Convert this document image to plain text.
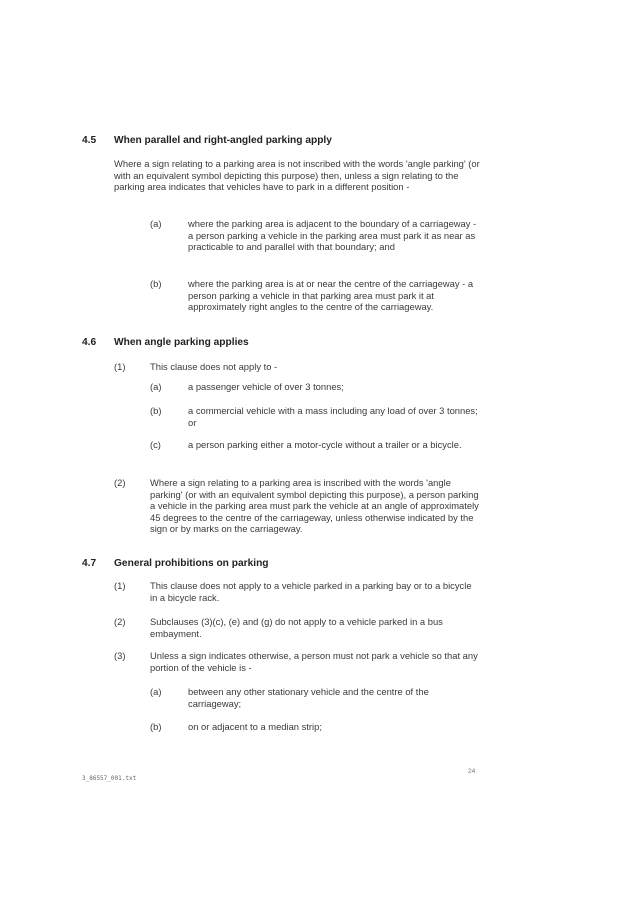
4.5 When parallel and right-angled parking apply
Where a sign relating to a parking area is not inscribed with the words 'angle parking' (or with an equivalent symbol depicting this purpose) then, unless a sign relating to the parking area indicates that vehicles have to park in a different position -
(a)	where the parking area is adjacent to the boundary of a carriageway - a person parking a vehicle in the parking area must park it as near as practicable to and parallel with that boundary; and
(b)	where the parking area is at or near the centre of the carriageway - a person parking a vehicle in that parking area must park it at approximately right angles to the centre of the carriageway.
4.6 When angle parking applies
(1)	This clause does not apply to -
(a)	a passenger vehicle of over 3 tonnes;
(b)	a commercial vehicle with a mass including any load of over 3 tonnes; or
(c)	a person parking either a motor-cycle without a trailer or a bicycle.
(2)	Where a sign relating to a parking area is inscribed with the words 'angle parking' (or with an equivalent symbol depicting this purpose), a person parking a vehicle in the parking area must park the vehicle at an angle of approximately 45 degrees to the centre of the carriageway, unless otherwise indicated by the sign or by marks on the carriageway.
4.7 General prohibitions on parking
(1)	This clause does not apply to a vehicle parked in a parking bay or to a bicycle in a bicycle rack.
(2)	Subclauses (3)(c), (e) and (g) do not apply to a vehicle parked in a bus embayment.
(3)	Unless a sign indicates otherwise, a person must not park a vehicle so that any portion of the vehicle is -
(a)	between any other stationary vehicle and the centre of the carriageway;
(b)	on or adjacent to a median strip;
24
3_86557_001.txt
